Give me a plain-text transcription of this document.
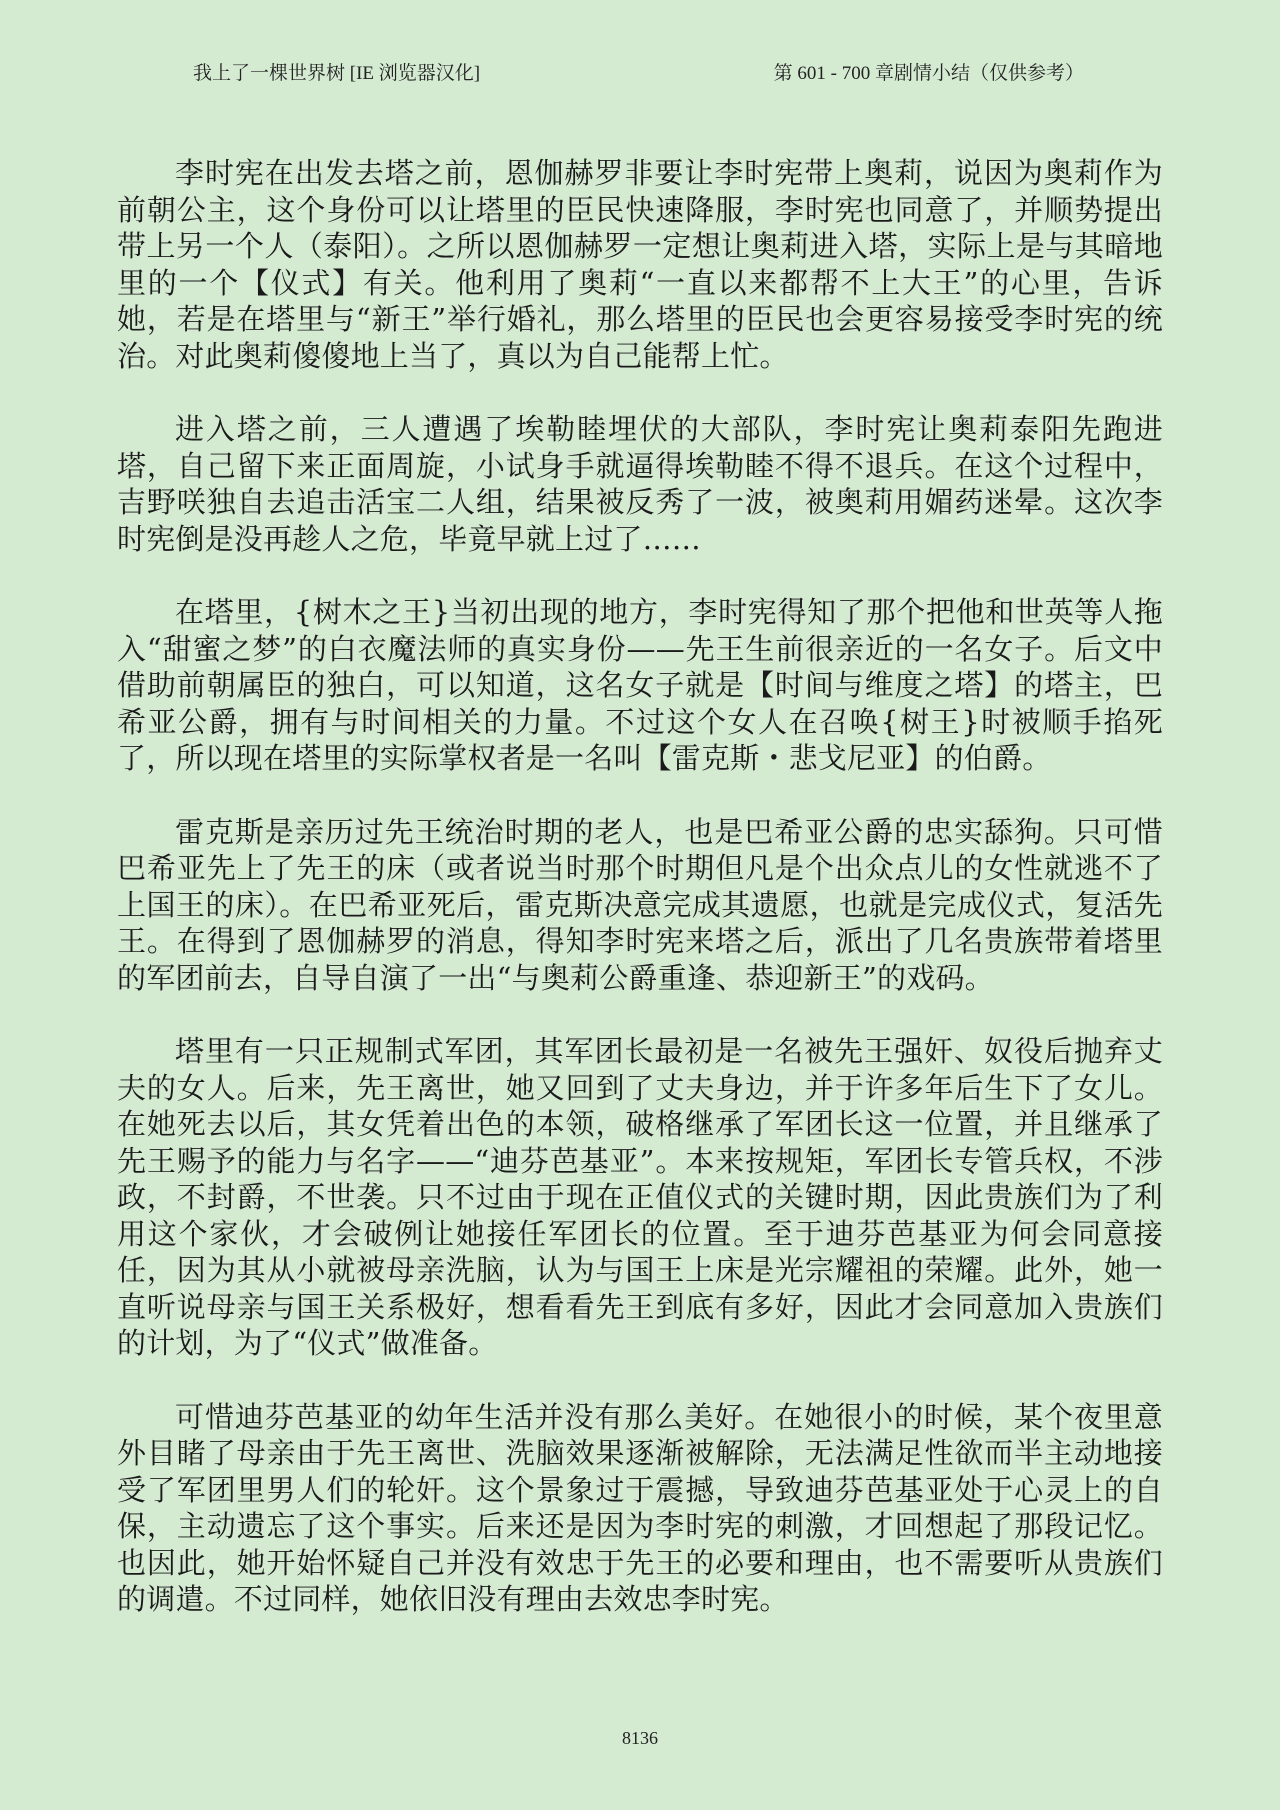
我上了一棵世界树 [IE 浏览器汉化]	第 601 - 700 章剧情小结（仅供参考）

李时宪在出发去塔之前，恩伽赫罗非要让李时宪带上奥莉，说因为奥莉作为前朝公主，这个身份可以让塔里的臣民快速降服，李时宪也同意了，并顺势提出带上另一个人（泰阳）。之所以恩伽赫罗一定想让奥莉进入塔，实际上是与其暗地里的一个【仪式】有关。他利用了奥莉“一直以来都帮不上大王”的心里，告诉她，若是在塔里与“新王”举行婚礼，那么塔里的臣民也会更容易接受李时宪的统治。对此奥莉傻傻地上当了，真以为自己能帮上忙。

进入塔之前，三人遭遇了埃勒睦埋伏的大部队，李时宪让奥莉泰阳先跑进塔，自己留下来正面周旋，小试身手就逼得埃勒睦不得不退兵。在这个过程中，吉野咲独自去追击活宝二人组，结果被反秀了一波，被奥莉用媚药迷晕。这次李时宪倒是没再趁人之危，毕竟早就上过了……

在塔里，{树木之王}当初出现的地方，李时宪得知了那个把他和世英等人拖入“甜蜜之梦”的白衣魔法师的真实身份——先王生前很亲近的一名女子。后文中借助前朝属臣的独白，可以知道，这名女子就是【时间与维度之塔】的塔主，巴希亚公爵，拥有与时间相关的力量。不过这个女人在召唤{树王}时被顺手掐死了，所以现在塔里的实际掌权者是一名叫【雷克斯・悲戈尼亚】的伯爵。

雷克斯是亲历过先王统治时期的老人，也是巴希亚公爵的忠实舔狗。只可惜巴希亚先上了先王的床（或者说当时那个时期但凡是个出众点儿的女性就逃不了上国王的床）。在巴希亚死后，雷克斯决意完成其遗愿，也就是完成仪式，复活先王。在得到了恩伽赫罗的消息，得知李时宪来塔之后，派出了几名贵族带着塔里的军团前去，自导自演了一出“与奥莉公爵重逢、恭迎新王”的戏码。

塔里有一只正规制式军团，其军团长最初是一名被先王强奸、奴役后抛弃丈夫的女人。后来，先王离世，她又回到了丈夫身边，并于许多年后生下了女儿。在她死去以后，其女凭着出色的本领，破格继承了军团长这一位置，并且继承了先王赐予的能力与名字——“迪芬芭基亚”。本来按规矩，军团长专管兵权，不涉政，不封爵，不世袭。只不过由于现在正值仪式的关键时期，因此贵族们为了利用这个家伙，才会破例让她接任军团长的位置。至于迪芬芭基亚为何会同意接任，因为其从小就被母亲洗脑，认为与国王上床是光宗耀祖的荣耀。此外，她一直听说母亲与国王关系极好，想看看先王到底有多好，因此才会同意加入贵族们的计划，为了“仪式”做准备。

可惜迪芬芭基亚的幼年生活并没有那么美好。在她很小的时候，某个夜里意外目睹了母亲由于先王离世、洗脑效果逐渐被解除，无法满足性欲而半主动地接受了军团里男人们的轮奸。这个景象过于震撼，导致迪芬芭基亚处于心灵上的自保，主动遗忘了这个事实。后来还是因为李时宪的刺激，才回想起了那段记忆。也因此，她开始怀疑自己并没有效忠于先王的必要和理由，也不需要听从贵族们的调遣。不过同样，她依旧没有理由去效忠李时宪。

8136
